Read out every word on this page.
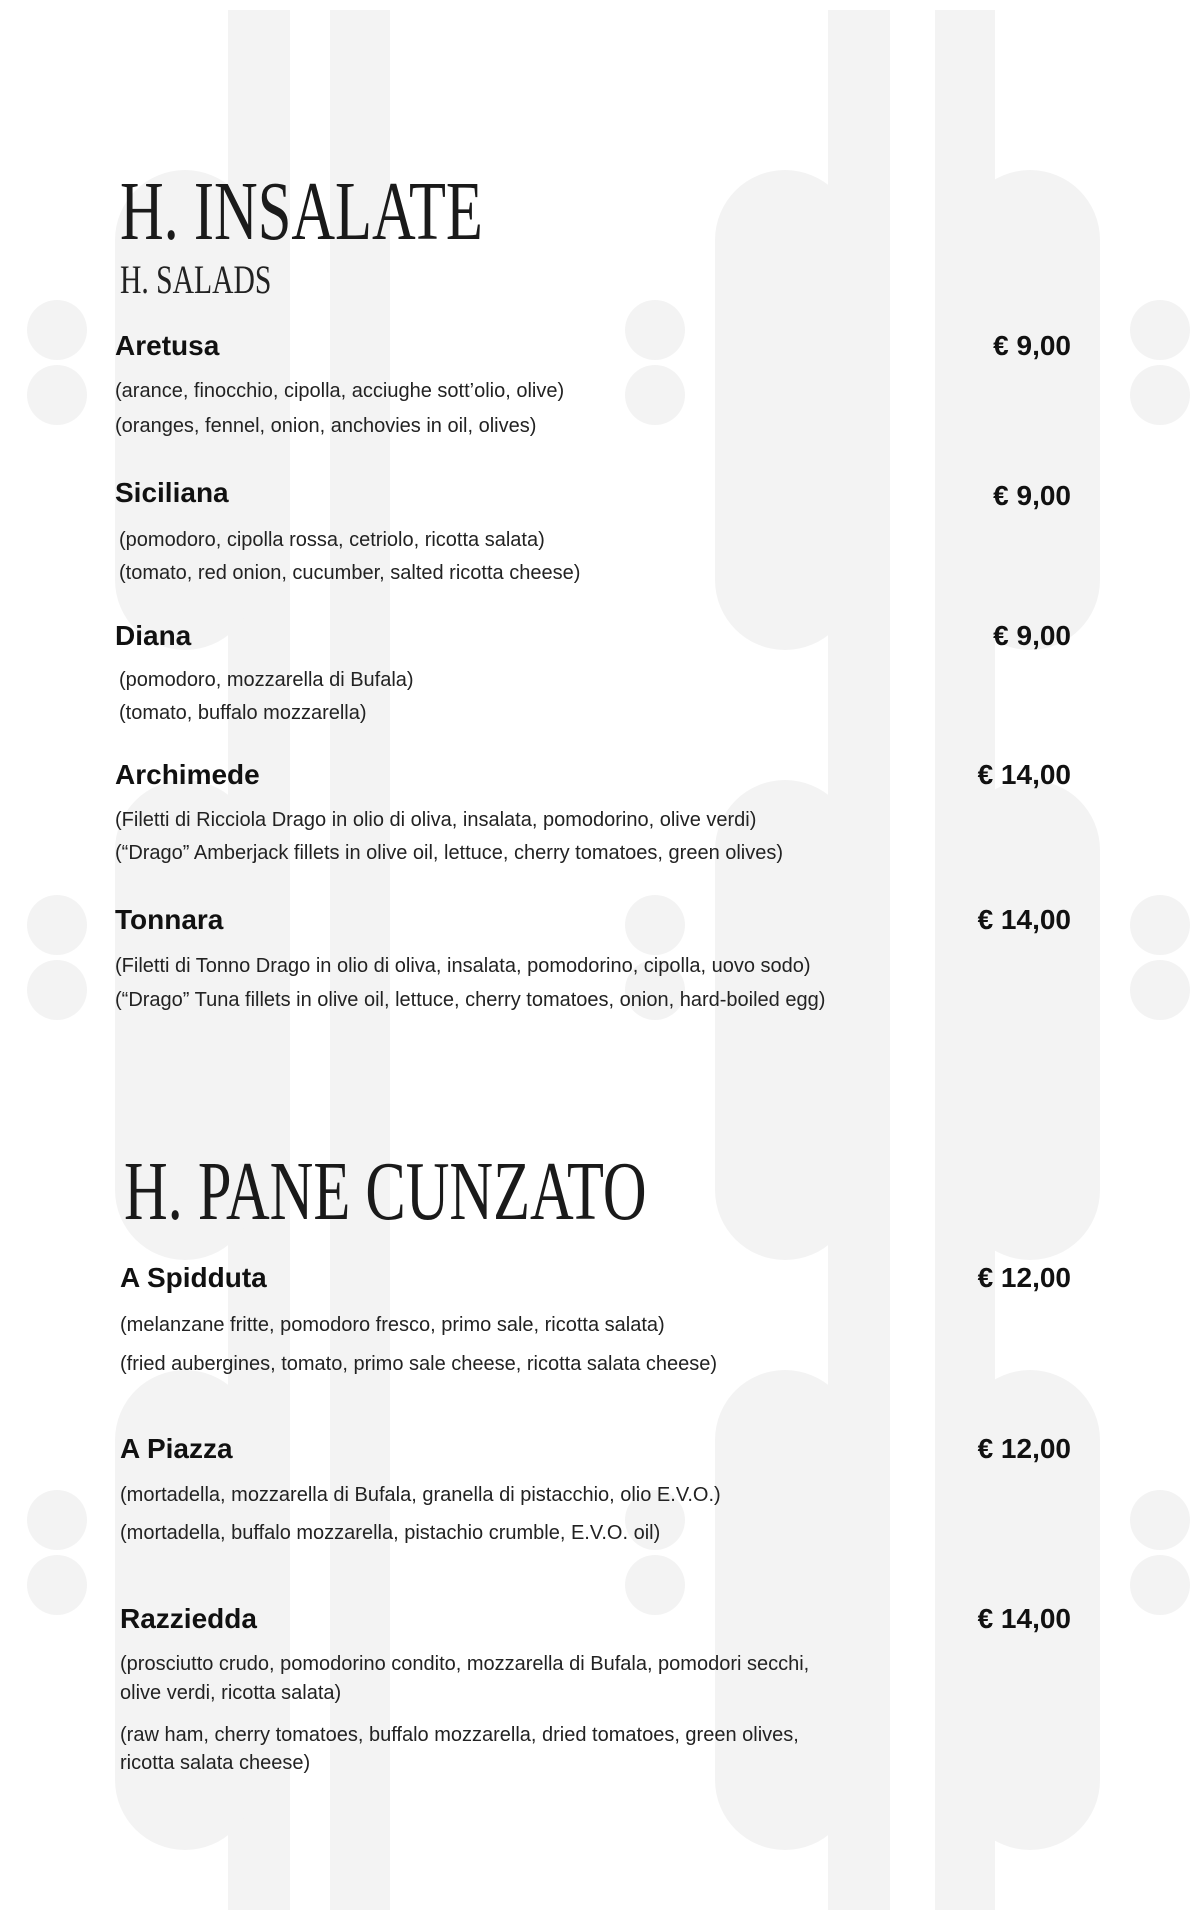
H. INSALATE
H. SALADS
Aretusa	€ 9,00
(arance, finocchio, cipolla, acciughe sott’olio, olive)
(oranges, fennel, onion, anchovies in oil, olives)
Siciliana	€ 9,00
(pomodoro, cipolla rossa, cetriolo, ricotta salata)
(tomato, red onion, cucumber, salted ricotta cheese)
Diana	€ 9,00
(pomodoro, mozzarella di Bufala)
(tomato, buffalo mozzarella)
Archimede	€ 14,00
(Filetti di Ricciola Drago in olio di oliva, insalata, pomodorino, olive verdi)
(“Drago” Amberjack fillets in olive oil, lettuce, cherry tomatoes, green olives)
Tonnara	€ 14,00
(Filetti di Tonno Drago in olio di oliva, insalata, pomodorino, cipolla, uovo sodo)
(“Drago” Tuna fillets in olive oil, lettuce, cherry tomatoes, onion, hard-boiled egg)
H. PANE CUNZATO
A Spidduta	€ 12,00
(melanzane fritte, pomodoro fresco, primo sale, ricotta salata)
(fried aubergines, tomato, primo sale cheese, ricotta salata cheese)
A Piazza	€ 12,00
(mortadella, mozzarella di Bufala, granella di pistacchio, olio E.V.O.)
(mortadella, buffalo mozzarella, pistachio crumble, E.V.O. oil)
Razziedda	€ 14,00
(prosciutto crudo, pomodorino condito, mozzarella di Bufala, pomodori secchi,
olive verdi, ricotta salata)
(raw ham, cherry tomatoes, buffalo mozzarella, dried tomatoes, green olives,
ricotta salata cheese)
